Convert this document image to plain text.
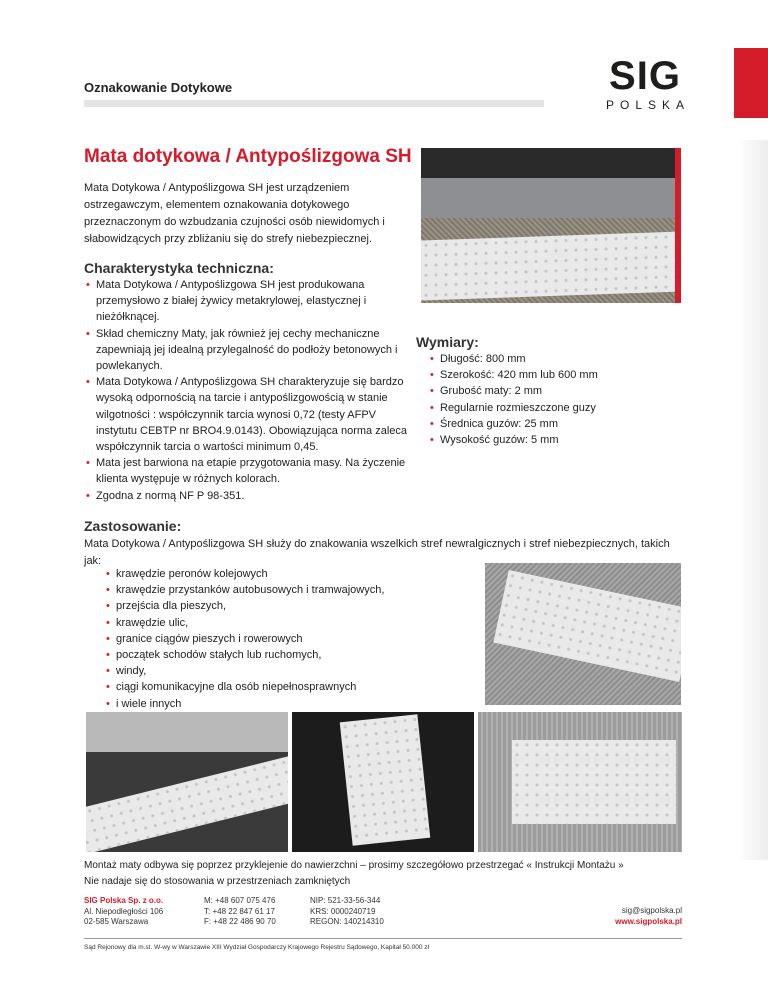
Oznakowanie Dotykowe	SIG
POLSKA
Mata dotykowa / Antypoślizgowa SH
Mata Dotykowa / Antypoślizgowa SH jest urządzeniem ostrzegawczym, elementem oznakowania dotykowego przeznaczonym do wzbudzania czujności osób niewidomych i słabowidzących przy zbliżaniu się do strefy niebezpiecznej.
Charakterystyka techniczna:
• Mata Dotykowa / Antypoślizgowa SH jest produkowana przemysłowo z białej żywicy metakrylowej, elastycznej i nieżółknącej.
• Skład chemiczny Maty, jak również jej cechy mechaniczne zapewniają jej idealną przylegalność do podłoży betonowych i powlekanych.
• Mata Dotykowa / Antypoślizgowa SH charakteryzuje się bardzo wysoką odpornością na tarcie i antypoślizgowością w stanie wilgotności : współczynnik tarcia wynosi 0,72 (testy AFPV instytutu CEBTP nr BRO4.9.0143). Obowiązująca norma zaleca współczynnik tarcia o wartości minimum 0,45.
• Mata jest barwiona na etapie przygotowania masy. Na życzenie klienta występuje w różnych kolorach.
• Zgodna z normą NF P 98-351.
Wymiary:
• Długość: 800 mm
• Szerokość: 420 mm lub 600 mm
• Grubość maty: 2 mm
• Regularnie rozmieszczone guzy
• Średnica guzów: 25 mm
• Wysokość guzów: 5 mm
Zastosowanie:
Mata Dotykowa / Antypoślizgowa SH służy do znakowania wszelkich stref newralgicznych i stref niebezpiecznych, takich jak:
• krawędzie peronów kolejowych
• krawędzie przystanków autobusowych i tramwajowych,
• przejścia dla pieszych,
• krawędzie ulic,
• granice ciągów pieszych i rowerowych
• początek schodów stałych lub ruchomych,
• windy,
• ciągi komunikacyjne dla osób niepełnosprawnych
• i wiele innych
Montaż maty odbywa się poprzez przyklejenie do nawierzchni – prosimy szczegółowo przestrzegać « Instrukcji Montażu »
Nie nadaje się do stosowania w przestrzeniach zamkniętych
SIG Polska Sp. z o.o.
Al. Niepodległości 106
02-585 Warszawa
M: +48 607 075 476
T: +48 22 847 61 17
F: +48 22 486 90 70
NIP: 521-33-56-344
KRS: 0000240719
REGON: 140214310
sig@sigpolska.pl
www.sigpolska.pl
Sąd Rejonowy dla m.st. W-wy w Warszawie XIII Wydział Gospodarczy Krajowego Rejestru Sądowego, Kapitał 50.000 zł
